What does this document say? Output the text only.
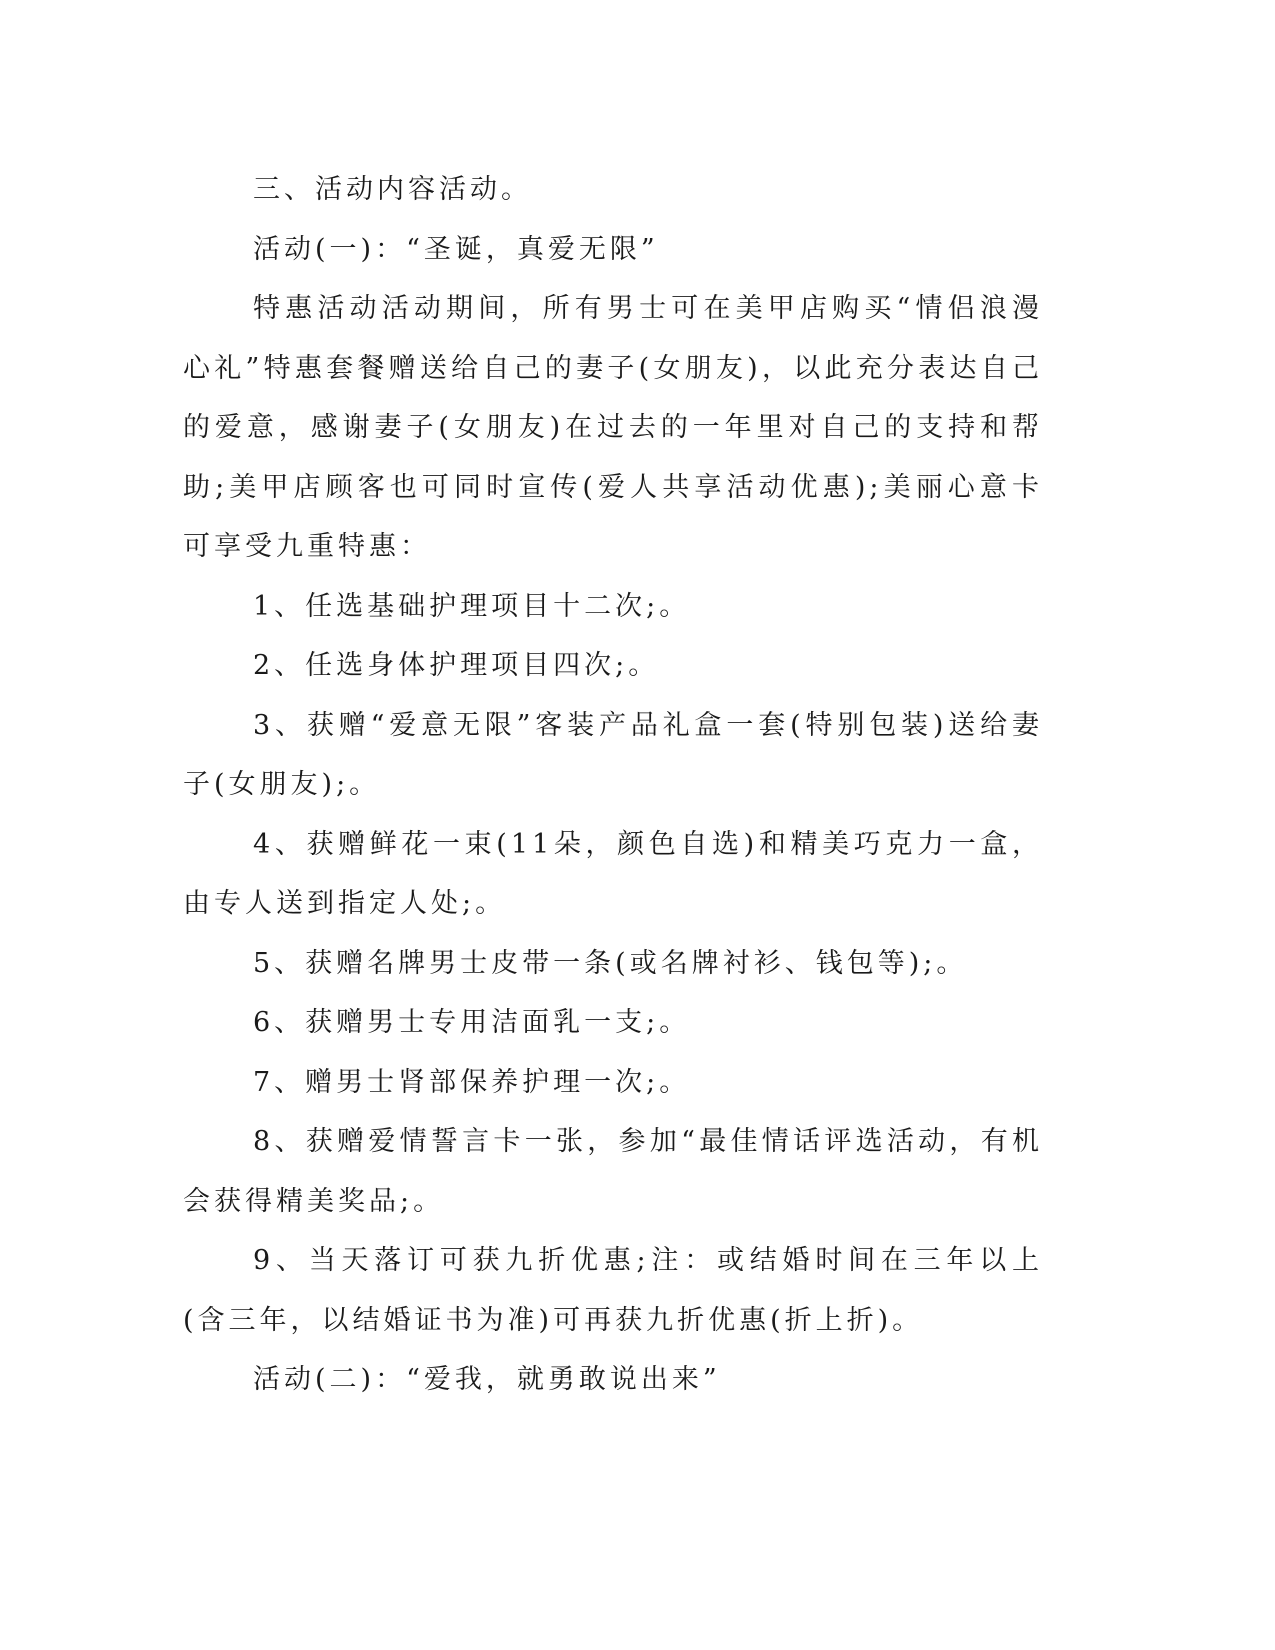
三、活动内容活动。

活动(一)：“圣诞，真爱无限”

特惠活动活动期间，所有男士可在美甲店购买“情侣浪漫心礼”特惠套餐赠送给自己的妻子(女朋友)，以此充分表达自己的爱意，感谢妻子(女朋友)在过去的一年里对自己的支持和帮助;美甲店顾客也可同时宣传(爱人共享活动优惠);美丽心意卡可享受九重特惠：

1、任选基础护理项目十二次;。

2、任选身体护理项目四次;。

3、获赠“爱意无限”客装产品礼盒一套(特别包装)送给妻子(女朋友);。

4、获赠鲜花一束(11朵，颜色自选)和精美巧克力一盒，由专人送到指定人处;。

5、获赠名牌男士皮带一条(或名牌衬衫、钱包等);。

6、获赠男士专用洁面乳一支;。

7、赠男士肾部保养护理一次;。

8、获赠爱情誓言卡一张，参加“最佳情话评选活动，有机会获得精美奖品;。

9、当天落订可获九折优惠;注：或结婚时间在三年以上(含三年，以结婚证书为准)可再获九折优惠(折上折)。

活动(二)：“爱我，就勇敢说出来”
